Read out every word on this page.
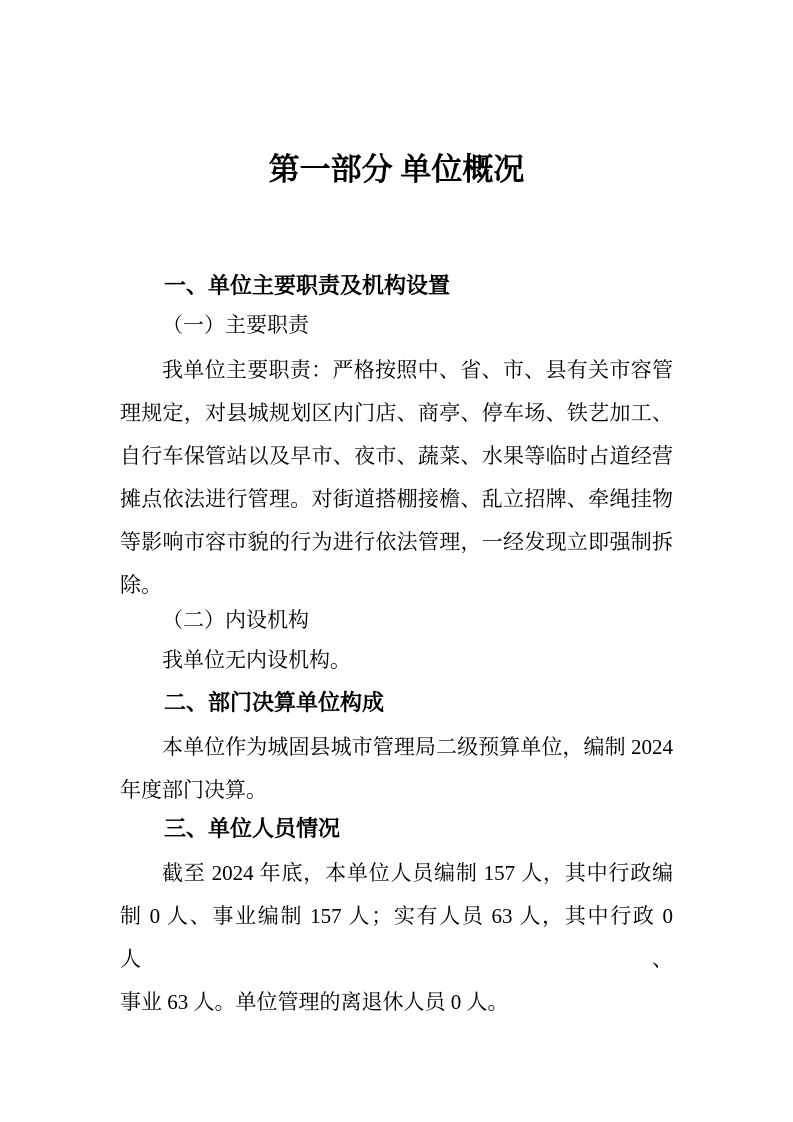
第一部分 单位概况
一、单位主要职责及机构设置
（一）主要职责
我单位主要职责：严格按照中、省、市、县有关市容管
理规定，对县城规划区内门店、商亭、停车场、铁艺加工、
自行车保管站以及早市、夜市、蔬菜、水果等临时占道经营
摊点依法进行管理。对街道搭棚接檐、乱立招牌、牵绳挂物
等影响市容市貌的行为进行依法管理，一经发现立即强制拆
除。
（二）内设机构
我单位无内设机构。
二、部门决算单位构成
本单位作为城固县城市管理局二级预算单位，编制 2024
年度部门决算。
三、单位人员情况
截至 2024 年底，本单位人员编制 157 人，其中行政编
制 0 人、事业编制 157 人；实有人员 63 人，其中行政 0 人、
事业 63 人。单位管理的离退休人员 0 人。
